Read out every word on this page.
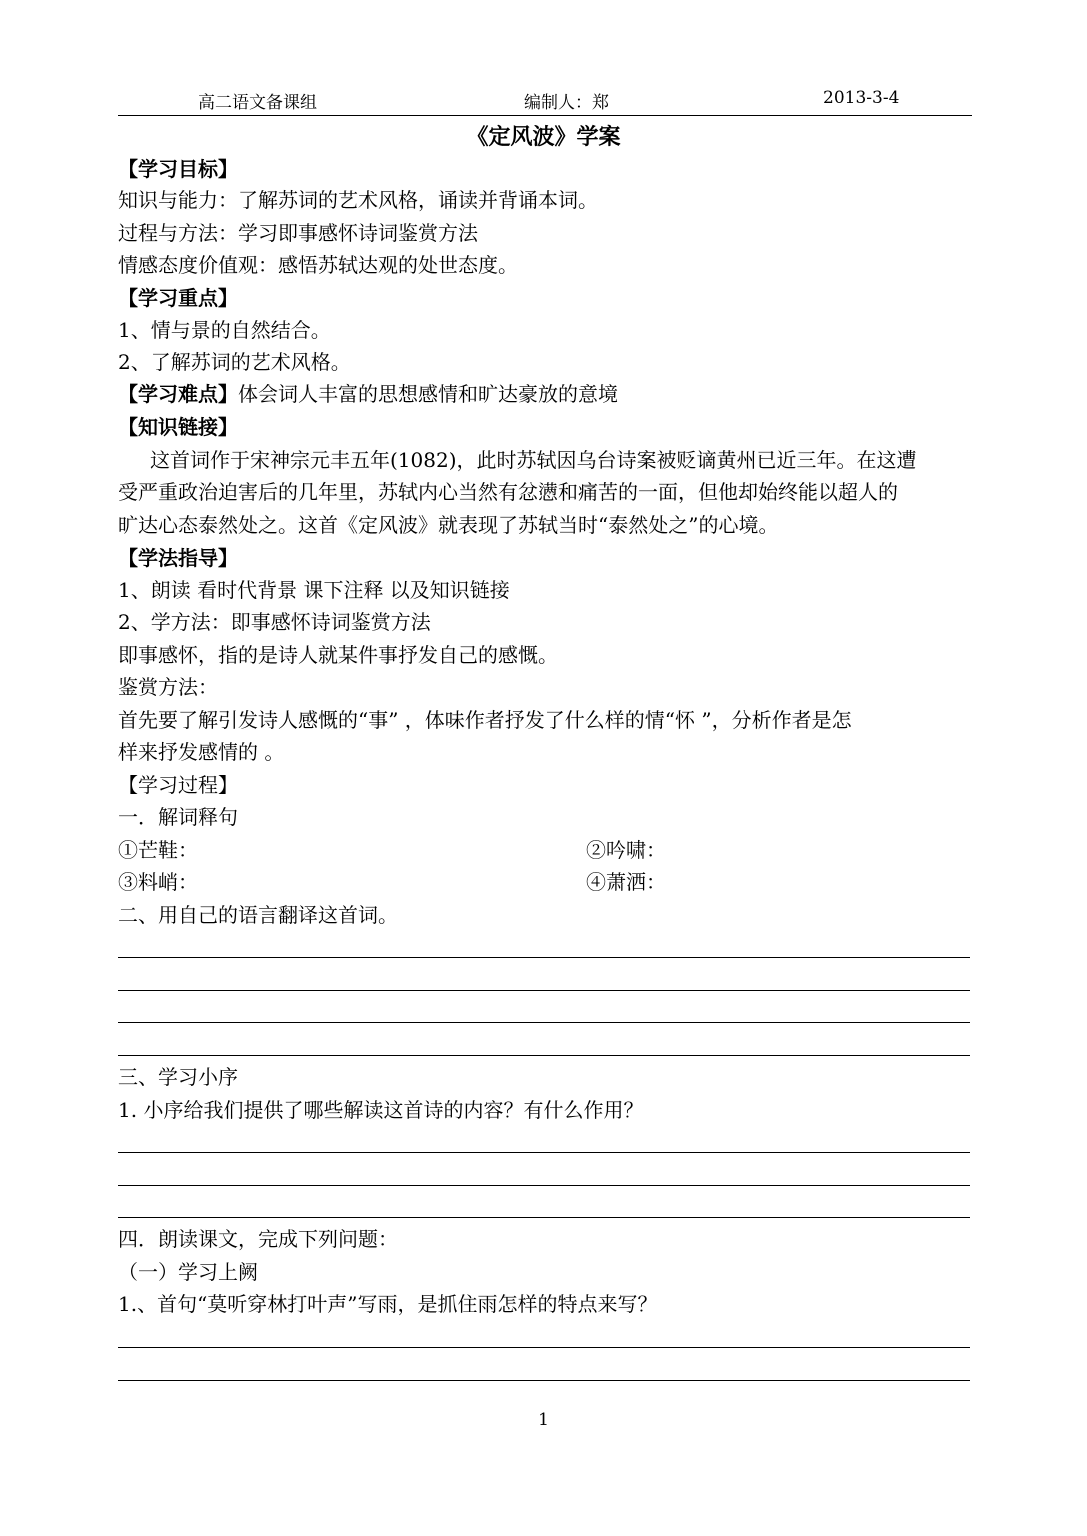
高二语文备课组	编制人：郑	2013-3-4
《定风波》学案
【学习目标】
知识与能力：了解苏词的艺术风格，诵读并背诵本词。
过程与方法：学习即事感怀诗词鉴赏方法
情感态度价值观：感悟苏轼达观的处世态度。
【学习重点】
1、情与景的自然结合。
2、了解苏词的艺术风格。
【学习难点】体会词人丰富的思想感情和旷达豪放的意境
【知识链接】
这首词作于宋神宗元丰五年(1082)，此时苏轼因乌台诗案被贬谪黄州已近三年。在这遭
受严重政治迫害后的几年里，苏轼内心当然有忿懑和痛苦的一面，但他却始终能以超人的
旷达心态泰然处之。这首《定风波》就表现了苏轼当时“泰然处之”的心境。
【学法指导】
1、朗读 看时代背景 课下注释 以及知识链接
2、学方法：即事感怀诗词鉴赏方法
即事感怀，指的是诗人就某件事抒发自己的感慨。
鉴赏方法：
首先要了解引发诗人感慨的“事” ，体味作者抒发了什么样的情“怀 ”，分析作者是怎
样来抒发感情的 。
【学习过程】
一．解词释句
①芒鞋：	②吟啸：
③料峭：	④萧洒：
二、用自己的语言翻译这首词。
三、学习小序
1. 小序给我们提供了哪些解读这首诗的内容？有什么作用？
四．朗读课文，完成下列问题：
（一）学习上阙
1.、首句“莫听穿林打叶声”写雨，是抓住雨怎样的特点来写？
1
